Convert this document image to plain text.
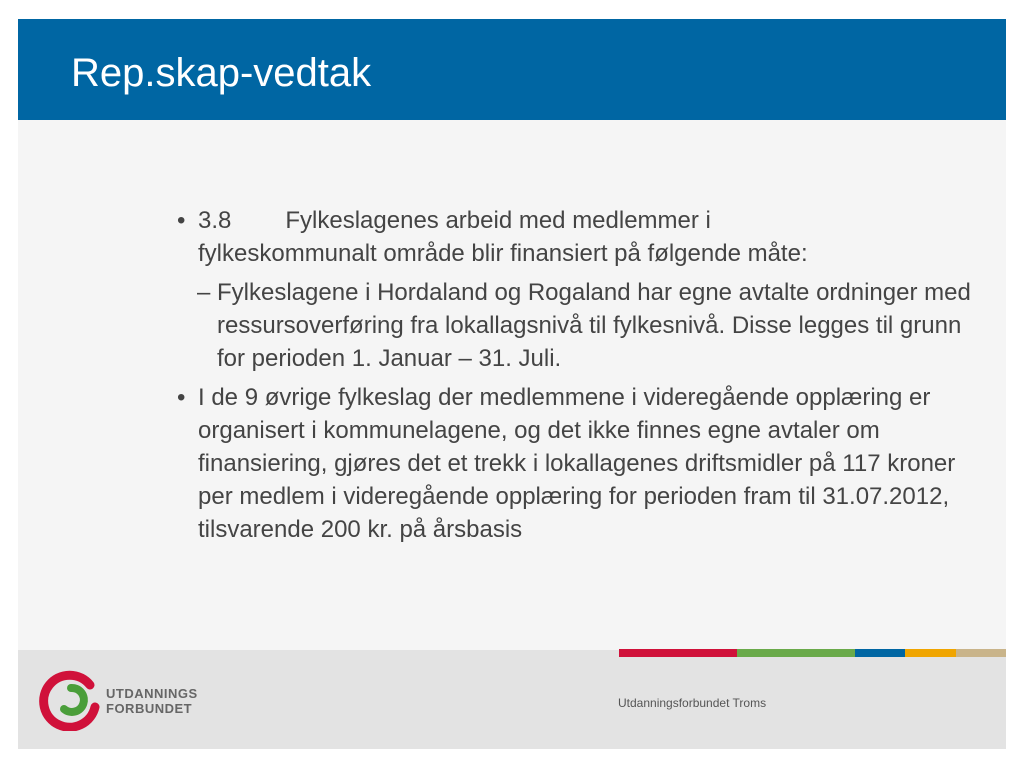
Rep.skap-vedtak

• 3.8 Fylkeslagenes arbeid med medlemmer i
fylkeskommunalt område blir finansiert på følgende måte:

– Fylkeslagene i Hordaland og Rogaland har egne avtalte ordninger med ressursoverføring fra lokallagsnivå til fylkesnivå. Disse legges til grunn for perioden 1. Januar – 31. Juli.

• I de 9 øvrige fylkeslag der medlemmene i videregående opplæring er organisert i kommunelagene, og det ikke finnes egne avtaler om finansiering, gjøres det et trekk i lokallagenes driftsmidler på 117 kroner per medlem i videregående opplæring for perioden fram til 31.07.2012, tilsvarende 200 kr. på årsbasis

UTDANNINGS
FORBUNDET	Utdanningsforbundet Troms
